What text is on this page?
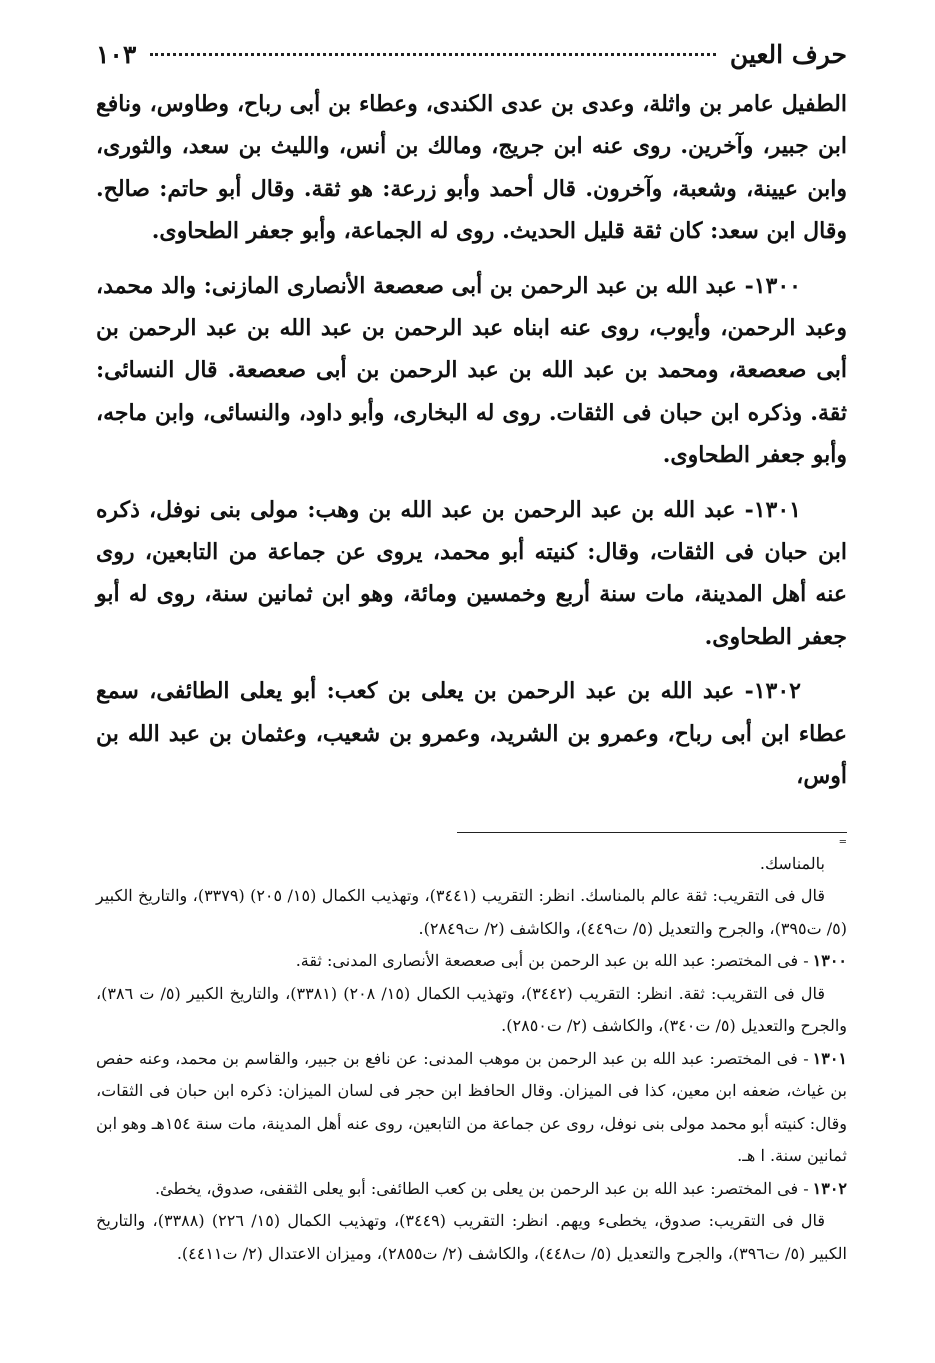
حرف العين
١٠٣

الطفيل عامر بن واثلة، وعدى بن عدى الكندى، وعطاء بن أبى رباح، وطاوس، ونافع ابن جبير، وآخرين. روى عنه ابن جريج، ومالك بن أنس، والليث بن سعد، والثورى، وابن عيينة، وشعبة، وآخرون. قال أحمد وأبو زرعة: هو ثقة. وقال أبو حاتم: صالح. وقال ابن سعد: كان ثقة قليل الحديث. روى له الجماعة، وأبو جعفر الطحاوى.

١٣٠٠- عبد الله بن عبد الرحمن بن أبى صعصعة الأنصارى المازنى: والد محمد، وعبد الرحمن، وأيوب، روى عنه ابناه عبد الرحمن بن عبد الله بن عبد الرحمن بن أبى صعصعة، ومحمد بن عبد الله بن عبد الرحمن بن أبى صعصعة. قال النسائى: ثقة. وذكره ابن حبان فى الثقات. روى له البخارى، وأبو داود، والنسائى، وابن ماجه، وأبو جعفر الطحاوى.

١٣٠١- عبد الله بن عبد الرحمن بن عبد الله بن وهب: مولى بنى نوفل، ذكره ابن حبان فى الثقات، وقال: كنيته أبو محمد، يروى عن جماعة من التابعين، روى عنه أهل المدينة، مات سنة أربع وخمسين ومائة، وهو ابن ثمانين سنة، روى له أبو جعفر الطحاوى.

١٣٠٢- عبد الله بن عبد الرحمن بن يعلى بن كعب: أبو يعلى الطائفى، سمع عطاء ابن أبى رباح، وعمرو بن الشريد، وعمرو بن شعيب، وعثمان بن عبد الله بن أوس،

=

بالمناسك.

قال فى التقريب: ثقة عالم بالمناسك. انظر: التقريب (٣٤٤١)، وتهذيب الكمال (١٥/ ٢٠٥) (٣٣٧٩)، والتاريخ الكبير (٥/ ت٣٩٥)، والجرح والتعديل (٥/ ت٤٤٩)، والكاشف (٢/ ت٢٨٤٩).

١٣٠٠- فى المختصر: عبد الله بن عبد الرحمن بن أبى صعصعة الأنصارى المدنى: ثقة.

قال فى التقريب: ثقة. انظر: التقريب (٣٤٤٢)، وتهذيب الكمال (١٥/ ٢٠٨) (٣٣٨١)، والتاريخ الكبير (٥/ ت ٣٨٦)، والجرح والتعديل (٥/ ت٣٤٠)، والكاشف (٢/ ت٢٨٥٠).

١٣٠١- فى المختصر: عبد الله بن عبد الرحمن بن موهب المدنى: عن نافع بن جبير، والقاسم بن محمد، وعنه حفص بن غياث، ضعفه ابن معين، كذا فى الميزان. وقال الحافظ ابن حجر فى لسان الميزان: ذكره ابن حبان فى الثقات، وقال: كنيته أبو محمد مولى بنى نوفل، روى عن جماعة من التابعين، روى عنه أهل المدينة، مات سنة ١٥٤هـ وهو ابن ثمانين سنة. ا هـ.

١٣٠٢- فى المختصر: عبد الله بن عبد الرحمن بن يعلى بن كعب الطائفى: أبو يعلى الثقفى، صدوق، يخطئ.

قال فى التقريب: صدوق، يخطىء ويهم. انظر: التقريب (٣٤٤٩)، وتهذيب الكمال (١٥/ ٢٢٦) (٣٣٨٨)، والتاريخ الكبير (٥/ ت٣٩٦)، والجرح والتعديل (٥/ ت٤٤٨)، والكاشف (٢/ ت٢٨٥٥)، وميزان الاعتدال (٢/ ت٤٤١١).
